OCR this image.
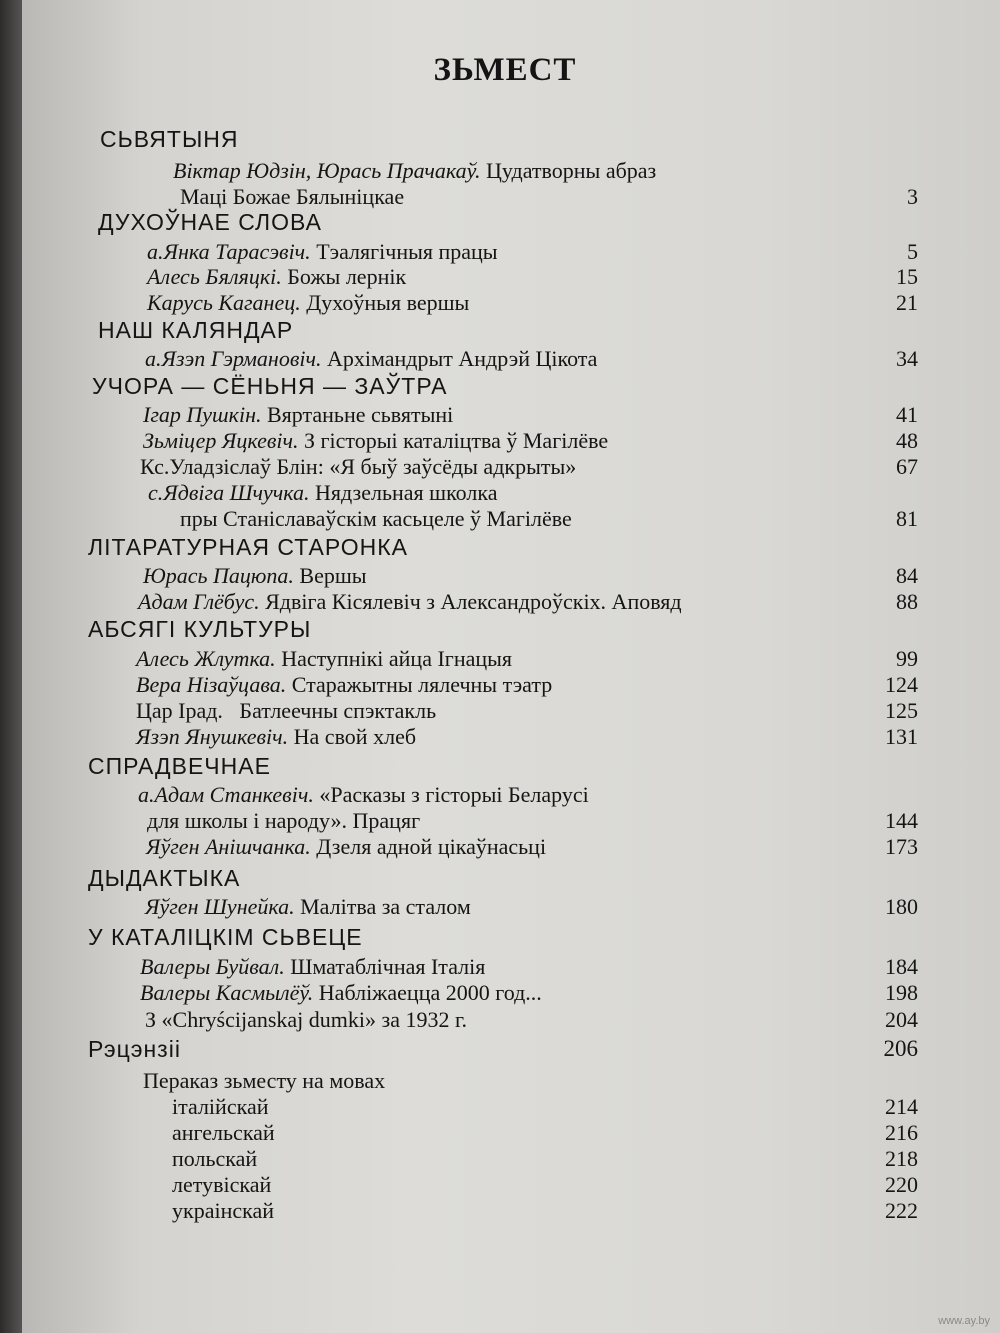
ЗЬМЕСТ
СЬВЯТЫНЯ
ДУХОЎНАЕ СЛОВА
НАШ КАЛЯНДАР
УЧОРА — СЁНЬНЯ — ЗАЎТРА
ЛІТАРАТУРНАЯ СТАРОНКА
АБСЯГІ КУЛЬТУРЫ
СПРАДВЕЧНАЕ
ДЫДАКТЫКА
У КАТАЛІЦКІМ СЬВЕЦЕ
Віктар Юдзін, Юрась Прачакаў. Цудатворны абраз
Маці Божае Бялыніцкае	3
а.Янка Тарасэвіч. Тэалягічныя працы	5
Алесь Бяляцкі. Божы лернік	15
Карусь Каганец. Духоўныя вершы	21
а.Язэп Гэрмановіч. Архімандрыт Андрэй Цікота	34
Ігар Пушкін. Вяртаньне сьвятыні	41
Зьміцер Яцкевіч. З гісторыі каталіцтва ў Магілёве	48
Кс.Уладзіслаў Блін: «Я быў заўсёды адкрыты»	67
с.Ядвіга Шчучка. Нядзельная школка
пры Станіславаўскім касьцеле ў Магілёве	81
Юрась Пацюпа. Вершы	84
Адам Глёбус. Ядвіга Кісялевіч з Александроўскіх. Аповяд	88
Алесь Жлутка. Наступнікі айца Ігнацыя	99
Вера Нізаўцава. Старажытны лялечны тэатр	124
Цар Ірад.   Батлеечны спэктакль	125
Язэп Янушкевіч. На свой хлеб	131
а.Адам Станкевіч. «Расказы з гісторыі Беларусі
для школы і народу». Працяг	144
Яўген Анішчанка. Дзеля адной цікаўнасьці	173
Яўген Шунейка. Малітва за сталом	180
Валеры Буйвал. Шматаблічная Італія	184
Валеры Касмылёў. Набліжаецца 2000 год...	198
З «Chryścijanskaj dumki» за 1932 г.	204
Рэцэнзіі	206
Пераказ зьместу на мовах
італійскай	214
ангельскай	216
польскай	218
летувіскай	220
украінскай	222
www.ay.by
